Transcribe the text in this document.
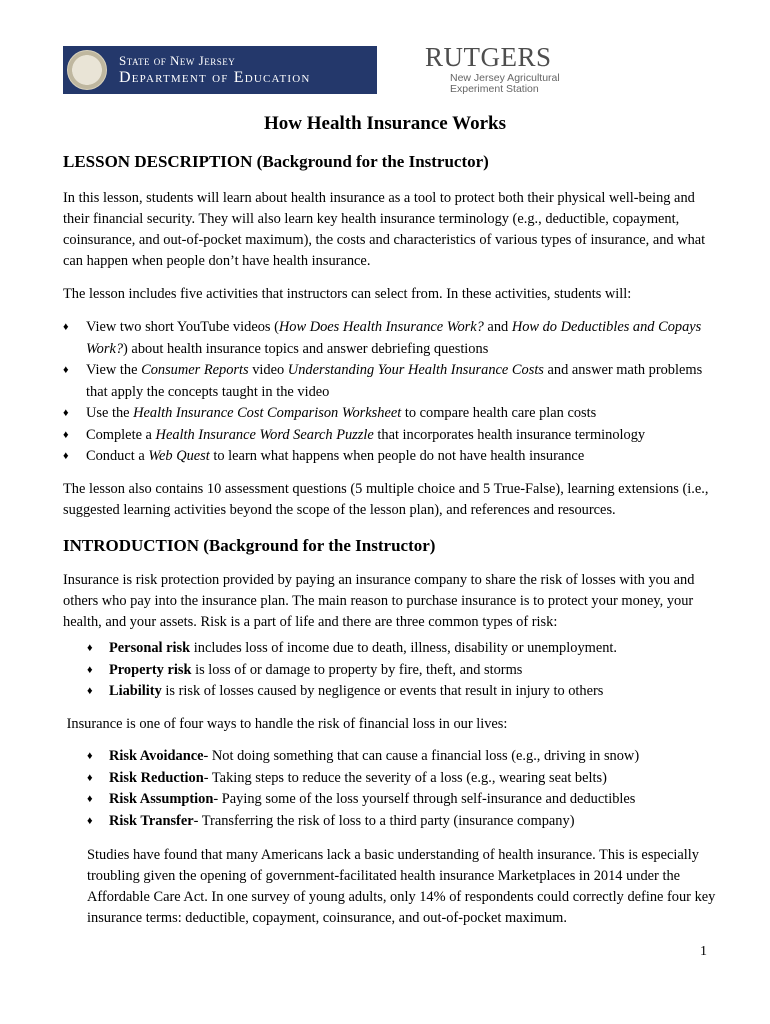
State of New Jersey
Department of Education
RUTGERS
New Jersey Agricultural
Experiment Station
How Health Insurance Works
LESSON DESCRIPTION (Background for the Instructor)
In this lesson, students will learn about health insurance as a tool to protect both their physical well-being and their financial security. They will also learn key health insurance terminology (e.g., deductible, copayment, coinsurance, and out-of-pocket maximum), the costs and characteristics of various types of insurance, and what can happen when people don’t have health insurance.
The lesson includes five activities that instructors can select from. In these activities, students will:
♦ View two short YouTube videos (How Does Health Insurance Work? and How do Deductibles and Copays Work?) about health insurance topics and answer debriefing questions
♦ View the Consumer Reports video Understanding Your Health Insurance Costs and answer math problems that apply the concepts taught in the video
♦ Use the Health Insurance Cost Comparison Worksheet to compare health care plan costs
♦ Complete a Health Insurance Word Search Puzzle that incorporates health insurance terminology
♦ Conduct a Web Quest to learn what happens when people do not have health insurance
The lesson also contains 10 assessment questions (5 multiple choice and 5 True-False), learning extensions (i.e., suggested learning activities beyond the scope of the lesson plan), and references and resources.
INTRODUCTION (Background for the Instructor)
Insurance is risk protection provided by paying an insurance company to share the risk of losses with you and others who pay into the insurance plan. The main reason to purchase insurance is to protect your money, your health, and your assets. Risk is a part of life and there are three common types of risk:
♦ Personal risk includes loss of income due to death, illness, disability or unemployment.
♦ Property risk is loss of or damage to property by fire, theft, and storms
♦ Liability is risk of losses caused by negligence or events that result in injury to others
Insurance is one of four ways to handle the risk of financial loss in our lives:
♦ Risk Avoidance- Not doing something that can cause a financial loss (e.g., driving in snow)
♦ Risk Reduction- Taking steps to reduce the severity of a loss (e.g., wearing seat belts)
♦ Risk Assumption- Paying some of the loss yourself through self-insurance and deductibles
♦ Risk Transfer- Transferring the risk of loss to a third party (insurance company)
Studies have found that many Americans lack a basic understanding of health insurance. This is especially troubling given the opening of government-facilitated health insurance Marketplaces in 2014 under the Affordable Care Act. In one survey of young adults, only 14% of respondents could correctly define four key insurance terms: deductible, copayment, coinsurance, and out-of-pocket maximum.
1
